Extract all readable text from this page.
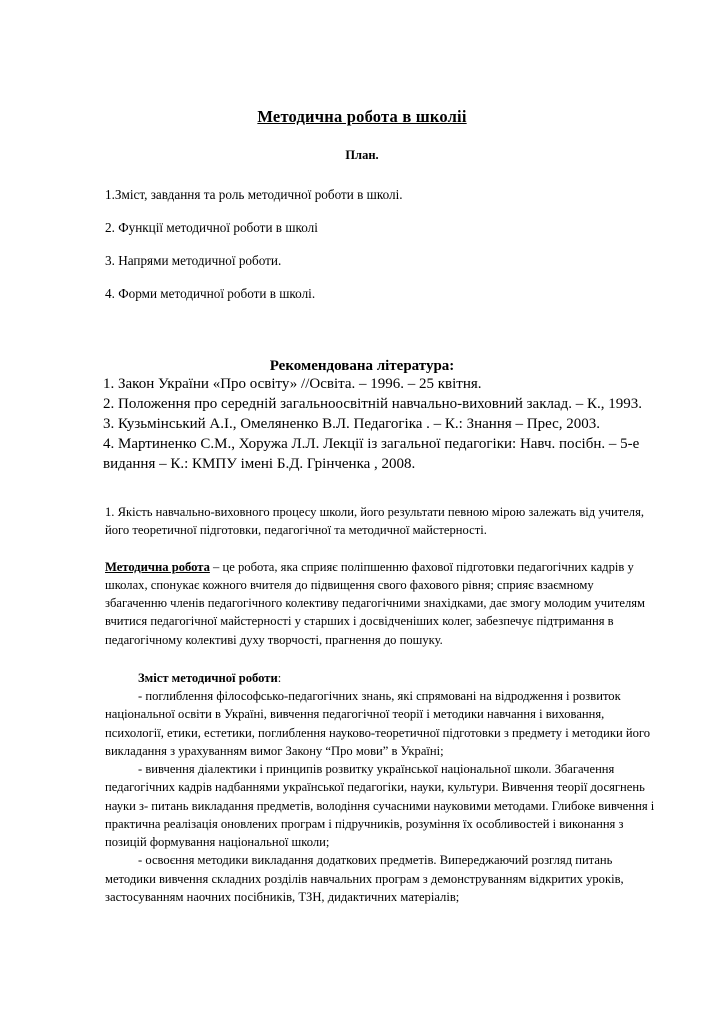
Методична робота в школіі
План.
1.Зміст, завдання та роль методичної роботи в школі.
2. Функції методичної роботи в школі
3. Напрями методичної роботи.
4. Форми методичної роботи в школі.
Рекомендована література:
1. Закон України «Про освіту» //Освіта. – 1996. – 25 квітня.
2. Положення про середній загальноосвітній навчально-виховний заклад. – К., 1993.
3. Кузьмінський А.І., Омеляненко В.Л. Педагогіка . – К.: Знання – Прес, 2003.
4. Мартиненко С.М., Хоружа Л.Л. Лекції із загальної педагогіки: Навч. посібн. – 5-е видання – К.: КМПУ імені Б.Д. Грінченка , 2008.

1. Якість навчально-виховного процесу школи, його результати певною мірою залежать від учителя, його теоретичної підготовки, педагогічної та методичної майстерності.

Методична робота – це робота, яка сприяє поліпшенню фахової підготовки педагогічних кадрів у школах, спонукає кожного вчителя до підвищення свого фахового рівня; сприяє взаємному збагаченню членів педагогічного колективу педагогічними знахідками, дає змогу молодим учителям вчитися педагогічної майстерності у старших і досвідченіших колег, забезпечує підтримання в педагогічному колективі духу творчості, прагнення до пошуку.

Зміст методичної роботи:

- поглиблення філософсько-педагогічних знань, які спрямовані на відродження і розвиток національної освіти в Україні, вивчення педагогічної теорії і методики навчання і виховання, психології, етики, естетики, поглиблення науково-теоретичної підготовки з предмету і методики його викладання з урахуванням вимог Закону “Про мови” в Україні;

- вивчення діалектики і принципів розвитку української національної школи. Збагачення педагогічних кадрів надбаннями української педагогіки, науки, культури. Вивчення теорії досягнень науки з- питань викладання предметів, володіння сучасними науковими методами. Глибоке вивчення і практична реалізація оновлених програм і підручників, розуміння їх особливостей і виконання з позицій формування національної школи;

- освоєння методики викладання додаткових предметів. Випереджаючий розгляд питань методики вивчення складних розділів навчальних програм з демонструванням відкритих уроків, застосуванням наочних посібників, ТЗН, дидактичних матеріалів;
